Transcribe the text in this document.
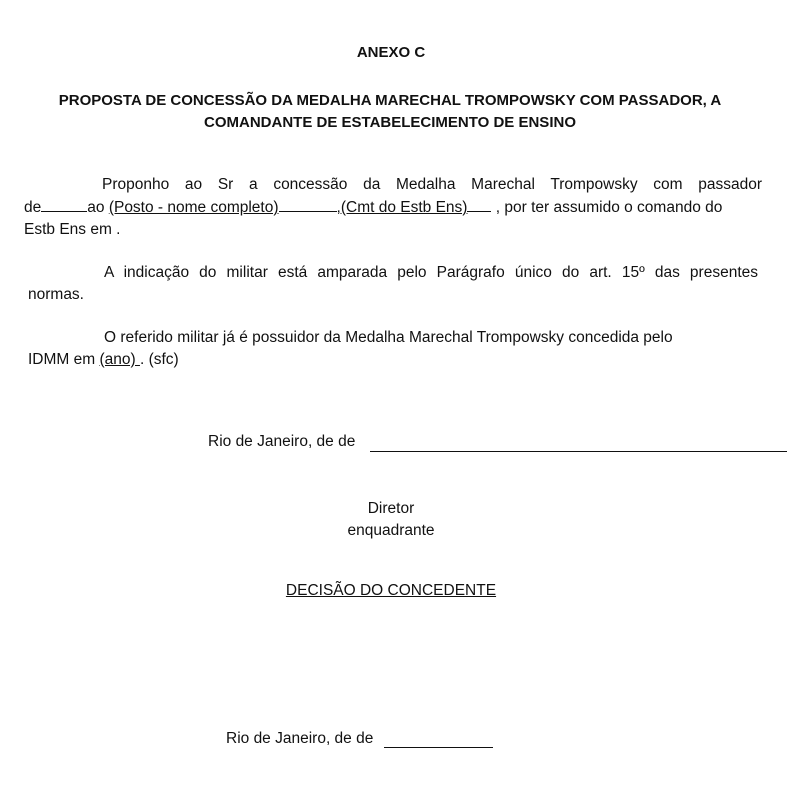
ANEXO C
PROPOSTA DE CONCESSÃO DA MEDALHA MARECHAL TROMPOWSKY COM PASSADOR, A COMANDANTE DE ESTABELECIMENTO DE ENSINO
Proponho ao Sr a concessão da Medalha Marechal Trompowsky com passador
de	ao (Posto - nome completo)	,(Cmt do Estb Ens) , por ter assumido o comando do
Estb Ens em .
A indicação do militar está amparada pelo Parágrafo único do art. 15º das presentes
normas.
O referido militar já é possuidor da Medalha Marechal Trompowsky concedida pelo
IDMM em (ano) . (sfc)
Rio de Janeiro, de de
Diretor
enquadrante
DECISÃO DO CONCEDENTE
Rio de Janeiro, de de
